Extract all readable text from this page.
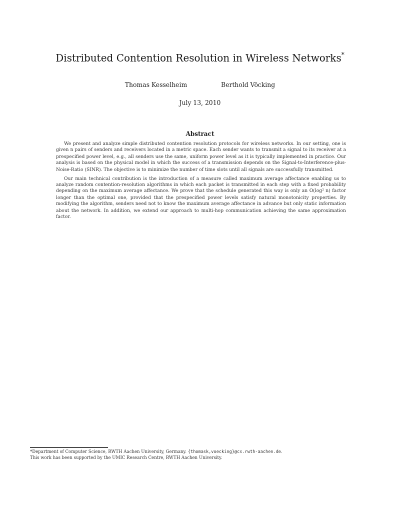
Distributed Contention Resolution in Wireless Networks*
Thomas Kesselheim	Berthold Vöcking
July 13, 2010
Abstract

We present and analyze simple distributed contention resolution protocols for wireless networks. In our setting, one is given n pairs of senders and receivers located in a metric space. Each sender wants to transmit a signal to its receiver at a prespecified power level, e.g., all senders use the same, uniform power level as it is typically implemented in practice. Our analysis is based on the physical model in which the success of a transmission depends on the Signal-to-Interference-plus-Noise-Ratio (SINR). The objective is to minimize the number of time slots until all signals are successfully transmitted.

Our main technical contribution is the introduction of a measure called maximum average affectance enabling us to analyze random contention-resolution algorithms in which each packet is transmitted in each step with a fixed probability depending on the maximum average affectance. We prove that the schedule generated this way is only an O(log² n) factor longer than the optimal one, provided that the prespecified power levels satisfy natural monotonicity properties. By modifying the algorithm, senders need not to know the maximum average affectance in advance but only static information about the network. In addition, we extend our approach to multi-hop communication achieving the same approximation factor.

*Department of Computer Science, RWTH Aachen University, Germany. {thomask,voecking}@cs.rwth-aachen.de.
This work has been supported by the UMIC Research Centre, RWTH Aachen University.
